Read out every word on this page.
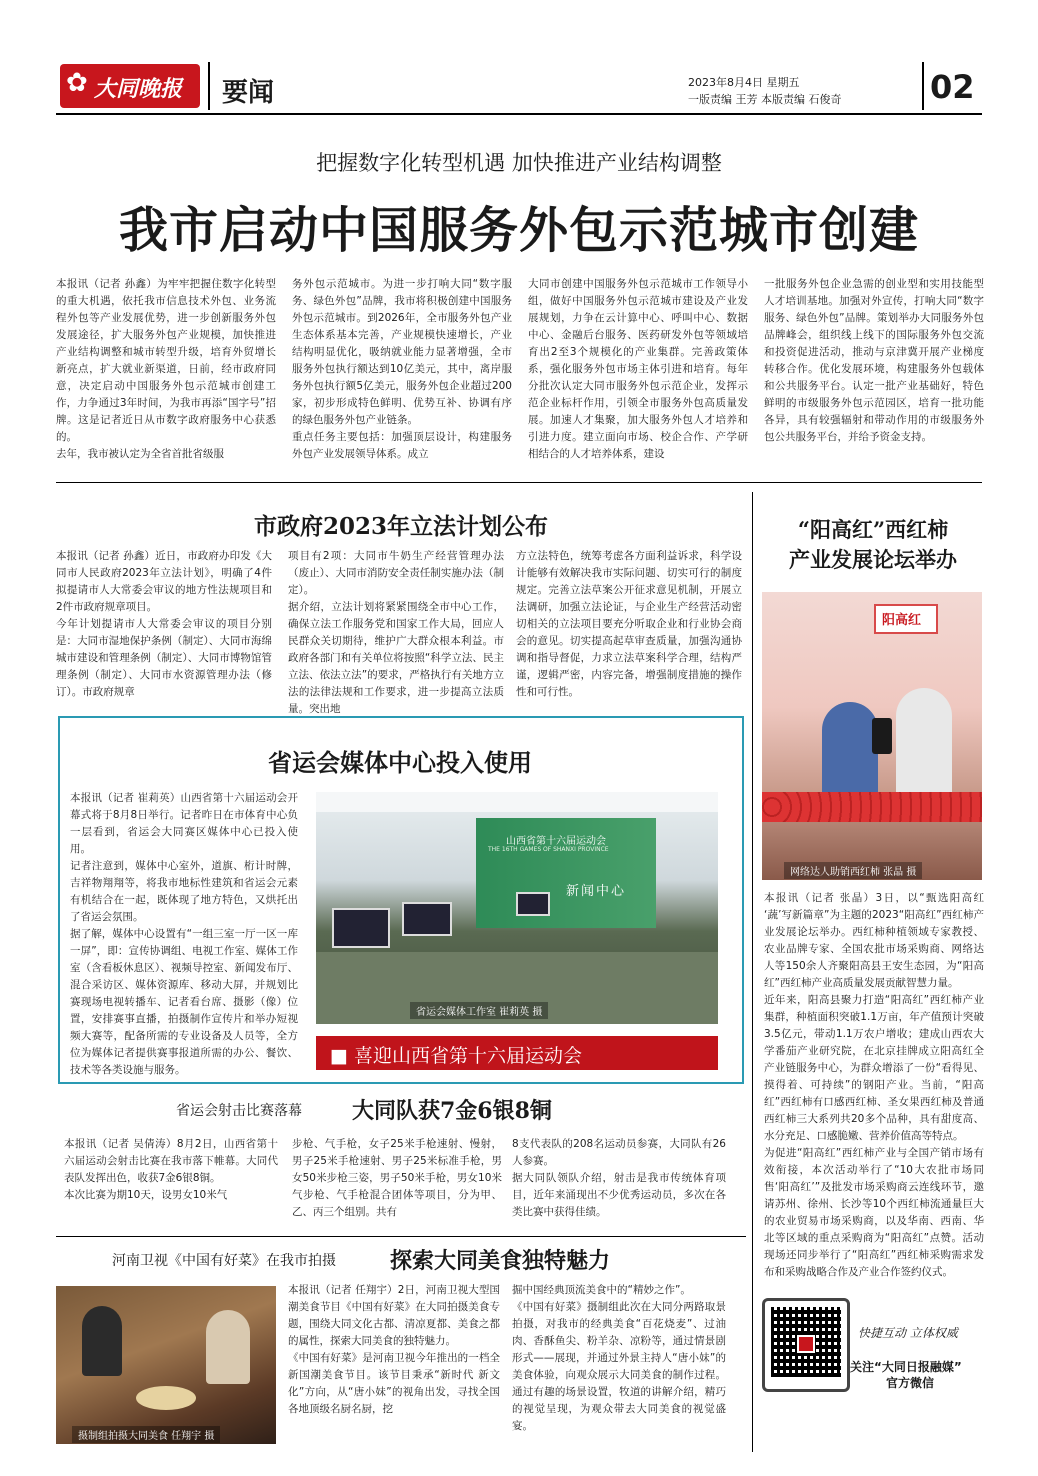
✿ 大同晚报 要闻	2023年8月4日 星期五
一版责编 王芳 本版责编 石俊奇	02
把握数字化转型机遇 加快推进产业结构调整
我市启动中国服务外包示范城市创建
本报讯（记者 孙鑫）为牢牢把握住数字化转型的重大机遇，依托我市信息技术外包、业务流程外包等产业发展优势，进一步创新服务外包发展途径，扩大服务外包产业规模，加快推进产业结构调整和城市转型升级，培育外贸增长新亮点，扩大就业新渠道，日前，经市政府同意，决定启动中国服务外包示范城市创建工作，力争通过3年时间，为我市再添“国字号”招牌。这是记者近日从市数字政府服务中心获悉的。
去年，我市被认定为全省首批省级服
务外包示范城市。为进一步打响大同“数字服务、绿色外包”品牌，我市将积极创建中国服务外包示范城市。到2026年，全市服务外包产业生态体系基本完善，产业规模快速增长，产业结构明显优化，吸纳就业能力显著增强，全市服务外包执行额达到10亿美元，其中，离岸服务外包执行额5亿美元，服务外包企业超过200家，初步形成特色鲜明、优势互补、协调有序的绿色服务外包产业链条。
重点任务主要包括：加强顶层设计，构建服务外包产业发展领导体系。成立
大同市创建中国服务外包示范城市工作领导小组，做好中国服务外包示范城市建设及产业发展规划，力争在云计算中心、呼叫中心、数据中心、金融后台服务、医药研发外包等领域培育出2至3个规模化的产业集群。完善政策体系，强化服务外包市场主体引进和培育。每年分批次认定大同市服务外包示范企业，发挥示范企业标杆作用，引领全市服务外包高质量发展。加速人才集聚，加大服务外包人才培养和引进力度。建立面向市场、校企合作、产学研相结合的人才培养体系，建设
一批服务外包企业急需的创业型和实用技能型人才培训基地。加强对外宣传，打响大同“数字服务、绿色外包”品牌。策划举办大同服务外包品牌峰会，组织线上线下的国际服务外包交流和投资促进活动，推动与京津冀开展产业梯度转移合作。优化发展环境，构建服务外包载体和公共服务平台。认定一批产业基础好，特色鲜明的市级服务外包示范园区，培育一批功能各异，具有较强辐射和带动作用的市级服务外包公共服务平台，并给予资金支持。
市政府2023年立法计划公布
本报讯（记者 孙鑫）近日，市政府办印发《大同市人民政府2023年立法计划》，明确了4件拟提请市人大常委会审议的地方性法规项目和2件市政府规章项目。
今年计划提请市人大常委会审议的项目分别是：大同市湿地保护条例（制定）、大同市海绵城市建设和管理条例（制定）、大同市博物馆管理条例（制定）、大同市水资源管理办法（修订）。市政府规章
项目有2项：大同市牛奶生产经营管理办法（废止）、大同市消防安全责任制实施办法（制定）。
据介绍，立法计划将紧紧围绕全市中心工作，确保立法工作服务党和国家工作大局，回应人民群众关切期待，维护广大群众根本利益。市政府各部门和有关单位将按照“科学立法、民主立法、依法立法”的要求，严格执行有关地方立法的法律法规和工作要求，进一步提高立法质量。突出地
方立法特色，统筹考虑各方面利益诉求，科学设计能够有效解决我市实际问题、切实可行的制度规定。完善立法草案公开征求意见机制，开展立法调研，加强立法论证，与企业生产经营活动密切相关的立法项目要充分听取企业和行业协会商会的意见。切实提高起草审查质量，加强沟通协调和指导督促，力求立法草案科学合理，结构严谨，逻辑严密，内容完备，增强制度措施的操作性和可行性。
省运会媒体中心投入使用
本报讯（记者 崔莉英）山西省第十六届运动会开幕式将于8月8日举行。记者昨日在市体育中心负一层看到，省运会大同赛区媒体中心已投入使用。
记者注意到，媒体中心室外，道旗、桁计时牌，吉祥物翔翔等，将我市地标性建筑和省运会元素有机结合在一起，既体现了地方特色，又烘托出了省运会氛围。
据了解，媒体中心设置有“一组三室一厅一区一库一屏”，即：宣传协调组、电视工作室、媒体工作室（含看板休息区）、视频导控室、新闻发布厅、混合采访区、媒体资源库、移动大屏，并规划比赛现场电视转播车、记者看台席、摄影（像）位置，安排赛事直播，拍摄制作宣传片和举办短视频大赛等，配备所需的专业设备及人员等，全方位为媒体记者提供赛事报道所需的办公、餐饮、技术等各类设施与服务。
山西省第十六届运动会
THE 16TH GAMES OF SHANXI PROVINCE
新闻中心
省运会媒体工作室 崔莉英 摄
■ 喜迎山西省第十六届运动会
省运会射击比赛落幕 大同队获7金6银8铜
本报讯（记者 吴倩涛）8月2日，山西省第十六届运动会射击比赛在我市落下帷幕。大同代表队发挥出色，收获7金6银8铜。
本次比赛为期10天，设男女10米气
步枪、气手枪，女子25米手枪速射、慢射，男子25米手枪速射、男子25米标准手枪，男女50米步枪三姿，男子50米手枪，男女10米气步枪、气手枪混合团体等项目，分为甲、乙、丙三个组别。共有
8支代表队的208名运动员参赛，大同队有26人参赛。
据大同队领队介绍，射击是我市传统体育项目，近年来涌现出不少优秀运动员，多次在各类比赛中获得佳绩。
河南卫视《中国有好菜》在我市拍摄 探索大同美食独特魅力
摄制组拍摄大同美食 任翔宇 摄
本报讯（记者 任翔宇）2日，河南卫视大型国潮美食节目《中国有好菜》在大同拍摄美食专题，围绕大同文化古都、清凉夏都、美食之都的属性，探索大同美食的独特魅力。
《中国有好菜》是河南卫视今年推出的一档全新国潮美食节目。该节目秉承“新时代 新文化”方向，从“唐小妹”的视角出发，寻找全国各地顶级名厨名厨，挖
掘中国经典顶流美食中的“精妙之作”。
《中国有好菜》摄制组此次在大同分两路取景拍摄，对我市的经典美食“百花烧麦”、过油肉、香酥鱼尖、粉羊杂、凉粉等，通过情景剧形式——展现，并通过外景主持人“唐小妹”的美食体验，向观众展示大同美食的制作过程。通过有趣的场景设置，牧道的讲解介绍，精巧的视觉呈现，为观众带去大同美食的视觉盛宴。
“阳高红”西红柿
产业发展论坛举办
阳高红
网络达人助销西红柿 张晶 摄
本报讯（记者 张晶）3日，以“甄选阳高红 ‘蔬’写新篇章”为主题的2023“阳高红”西红柿产业发展论坛举办。西红柿种植领域专家教授、农业品牌专家、全国农批市场采购商、网络达人等150余人齐聚阳高县王安生态园，为“阳高红”西红柿产业高质量发展贡献智慧力量。
近年来，阳高县聚力打造“阳高红”西红柿产业集群，种植面积突破1.1万亩，年产值预计突破3.5亿元，带动1.1万农户增收；建成山西农大学番茄产业研究院，在北京挂牌成立阳高红全产业链服务中心，为群众增添了一份“看得见、摸得着、可持续”的钢阳产业。当前，“阳高红”西红柿有口感西红柿、圣女果西红柿及普通西红柿三大系列共20多个品种，具有甜度高、水分充足、口感脆嫩、营养价值高等特点。
为促进“阳高红”西红柿产业与全国产销市场有效衔接，本次活动举行了“10大农批市场同售‘阳高红’”及批发市场采购商云连线环节，邀请苏州、徐州、长沙等10个西红柿流通量巨大的农业贸易市场采购商，以及华南、西南、华北等区域的重点采购商为“阳高红”点赞。活动现场还同步举行了“阳高红”西红柿采购需求发布和采购战略合作及产业合作签约仪式。
快捷互动 立体权威
关注“大同日报融媒”
官方微信
